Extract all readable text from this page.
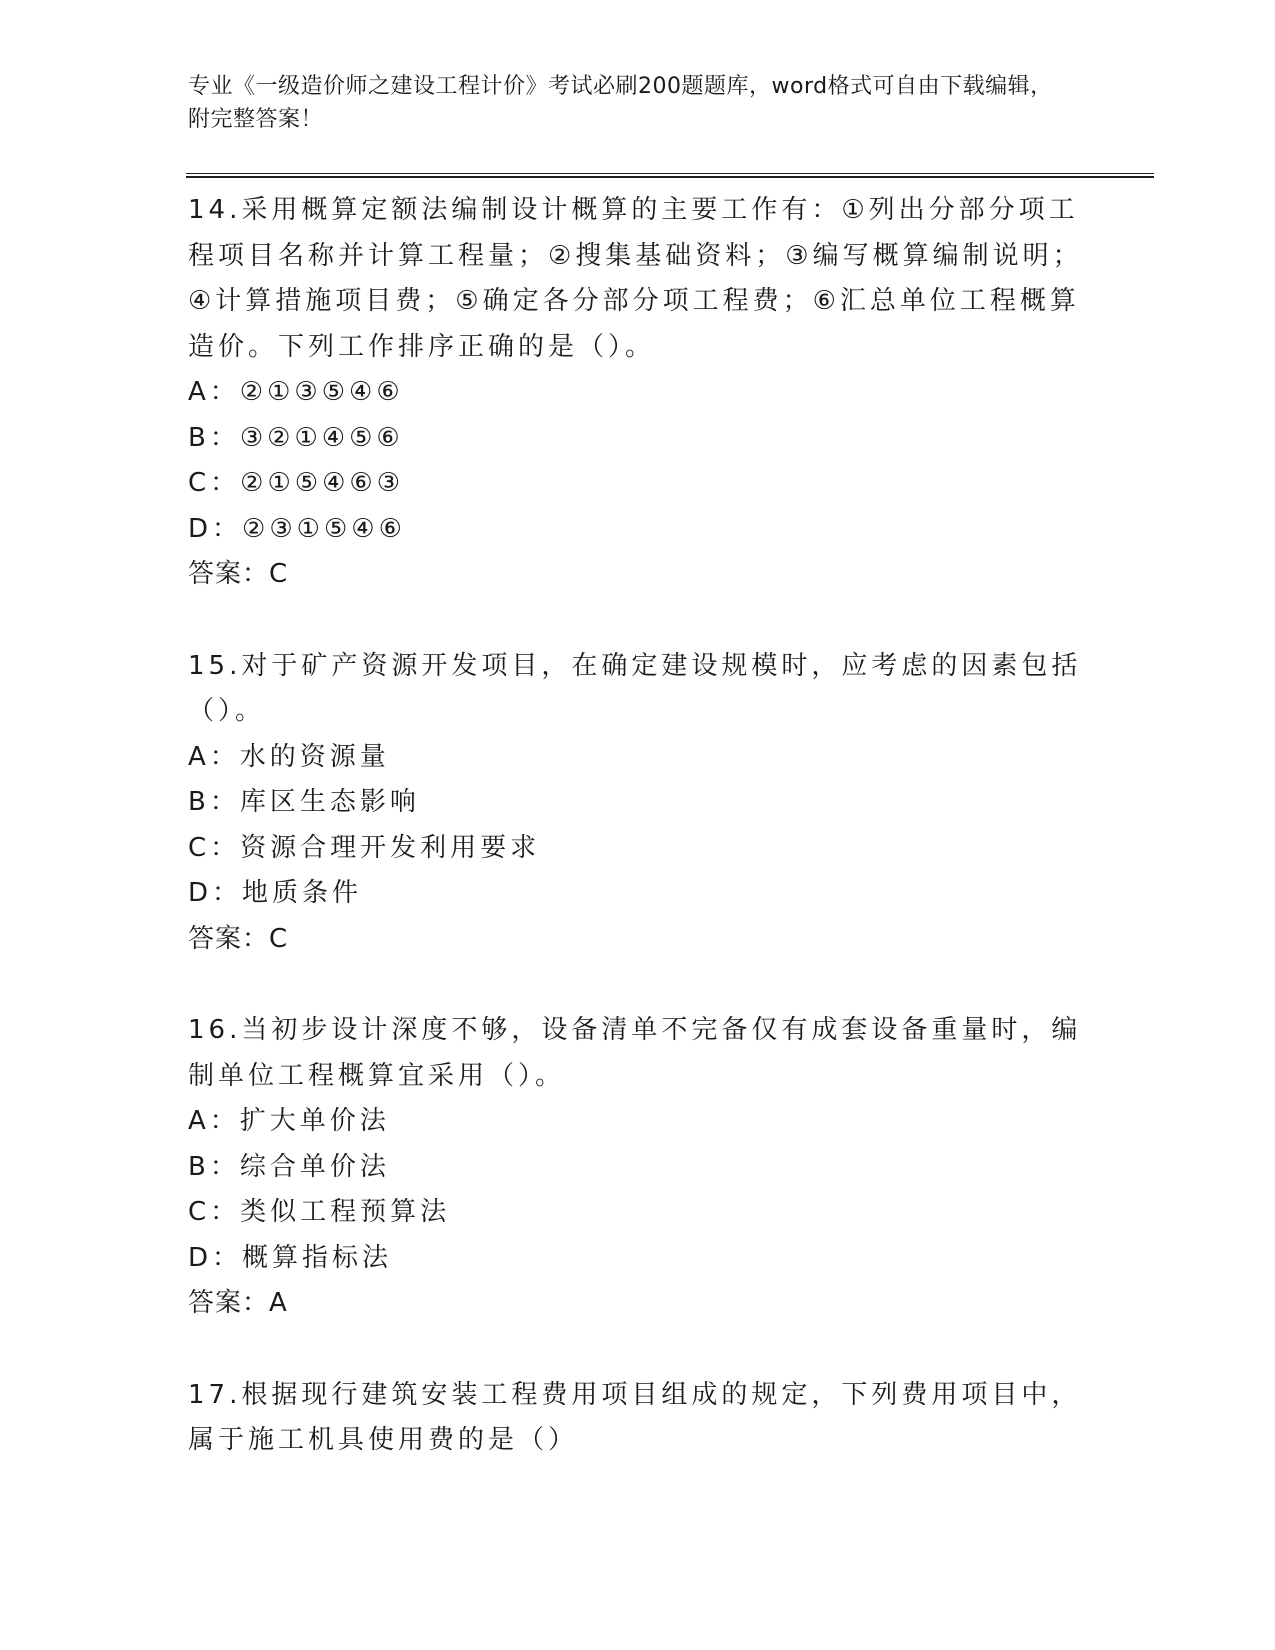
专业《一级造价师之建设工程计价》考试必刷200题题库，word格式可自由下载编辑，附完整答案！
14.采用概算定额法编制设计概算的主要工作有：①列出分部分项工程项目名称并计算工程量；②搜集基础资料；③编写概算编制说明；④计算措施项目费；⑤确定各分部分项工程费；⑥汇总单位工程概算造价。下列工作排序正确的是（）。
A：②①③⑤④⑥
B：③②①④⑤⑥
C：②①⑤④⑥③
D：②③①⑤④⑥
答案：C
15.对于矿产资源开发项目，在确定建设规模时，应考虑的因素包括（）。
A：水的资源量
B：库区生态影响
C：资源合理开发利用要求
D：地质条件
答案：C
16.当初步设计深度不够，设备清单不完备仅有成套设备重量时，编制单位工程概算宜采用（）。
A：扩大单价法
B：综合单价法
C：类似工程预算法
D：概算指标法
答案：A
17.根据现行建筑安装工程费用项目组成的规定，下列费用项目中，属于施工机具使用费的是（）
